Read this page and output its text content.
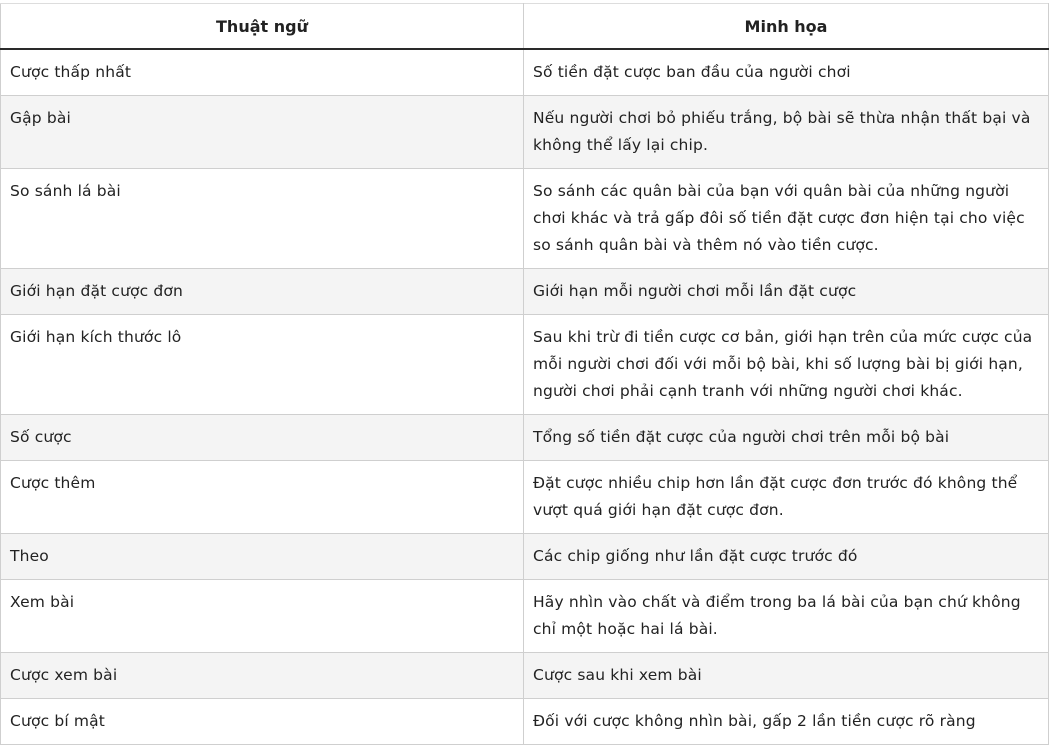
Thuật ngữ	Minh họa
Cược thấp nhất	Số tiền đặt cược ban đầu của người chơi
Gập bài	Nếu người chơi bỏ phiếu trắng, bộ bài sẽ thừa nhận thất bại và không thể lấy lại chip.
So sánh lá bài	So sánh các quân bài của bạn với quân bài của những người chơi khác và trả gấp đôi số tiền đặt cược đơn hiện tại cho việc so sánh quân bài và thêm nó vào tiền cược.
Giới hạn đặt cược đơn	Giới hạn mỗi người chơi mỗi lần đặt cược
Giới hạn kích thước lô	Sau khi trừ đi tiền cược cơ bản, giới hạn trên của mức cược của mỗi người chơi đối với mỗi bộ bài, khi số lượng bài bị giới hạn, người chơi phải cạnh tranh với những người chơi khác.
Số cược	Tổng số tiền đặt cược của người chơi trên mỗi bộ bài
Cược thêm	Đặt cược nhiều chip hơn lần đặt cược đơn trước đó không thể vượt quá giới hạn đặt cược đơn.
Theo	Các chip giống như lần đặt cược trước đó
Xem bài	Hãy nhìn vào chất và điểm trong ba lá bài của bạn chứ không chỉ một hoặc hai lá bài.
Cược xem bài	Cược sau khi xem bài
Cược bí mật	Đối với cược không nhìn bài, gấp 2 lần tiền cược rõ ràng
